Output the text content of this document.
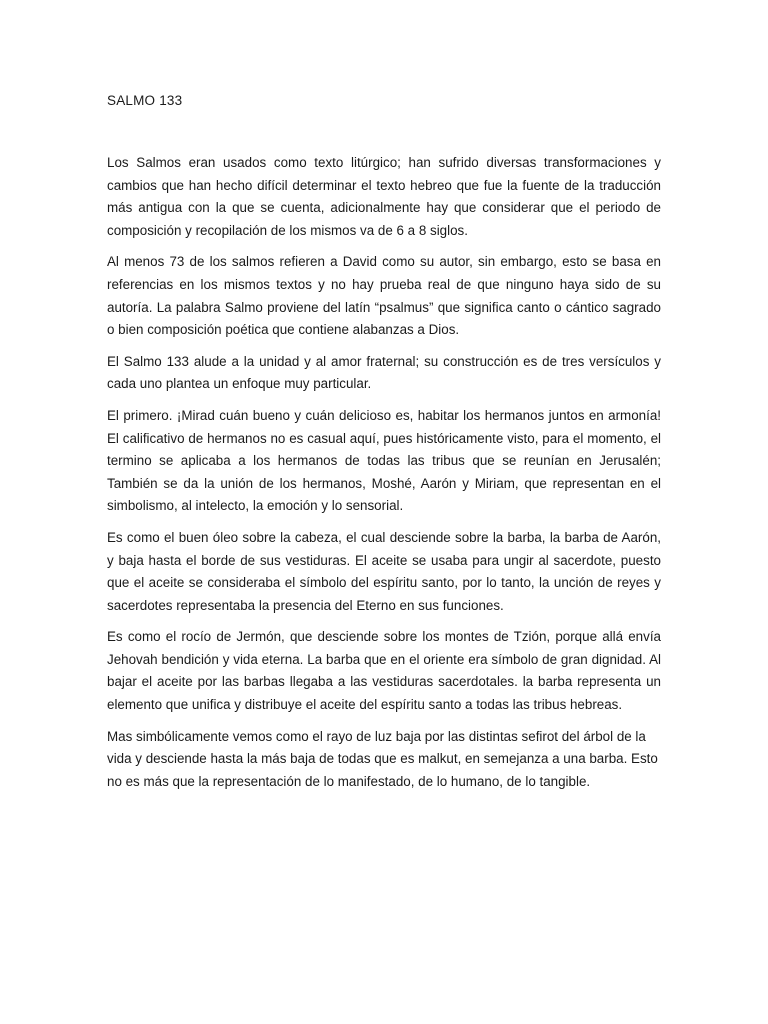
SALMO 133

Los Salmos eran usados como texto litúrgico; han sufrido diversas transformaciones y cambios que han hecho difícil determinar el texto hebreo que fue la fuente de la traducción más antigua con la que se cuenta, adicionalmente hay que considerar que el periodo de composición y recopilación de los mismos va de 6 a 8 siglos.

Al menos 73 de los salmos refieren a David como su autor, sin embargo, esto se basa en referencias en los mismos textos y no hay prueba real de que ninguno haya sido de su autoría. La palabra Salmo proviene del latín “psalmus” que significa canto o cántico sagrado o bien composición poética que contiene alabanzas a Dios.

El Salmo 133 alude a la unidad y al amor fraternal; su construcción es de tres versículos y cada uno plantea un enfoque muy particular.

El primero. ¡Mirad cuán bueno y cuán delicioso es, habitar los hermanos juntos en armonía! El calificativo de hermanos no es casual aquí, pues históricamente visto, para el momento, el termino se aplicaba a los hermanos de todas las tribus que se reunían en Jerusalén; También se da la unión de los hermanos, Moshé, Aarón y Miriam, que representan en el simbolismo, al intelecto, la emoción y lo sensorial.

Es como el buen óleo sobre la cabeza, el cual desciende sobre la barba, la barba de Aarón, y baja hasta el borde de sus vestiduras. El aceite se usaba para ungir al sacerdote, puesto que el aceite se consideraba el símbolo del espíritu santo, por lo tanto, la unción de reyes y sacerdotes representaba la presencia del Eterno en sus funciones.

Es como el rocío de Jermón, que desciende sobre los montes de Tzión, porque allá envía Jehovah bendición y vida eterna. La barba que en el oriente era símbolo de gran dignidad. Al bajar el aceite por las barbas llegaba a las vestiduras sacerdotales. la barba representa un elemento que unifica y distribuye el aceite del espíritu santo a todas las tribus hebreas.

Mas simbólicamente vemos como el rayo de luz baja por las distintas sefirot del árbol de la vida y desciende hasta la más baja de todas que es malkut, en semejanza a una barba. Esto no es más que la representación de lo manifestado, de lo humano, de lo tangible.
